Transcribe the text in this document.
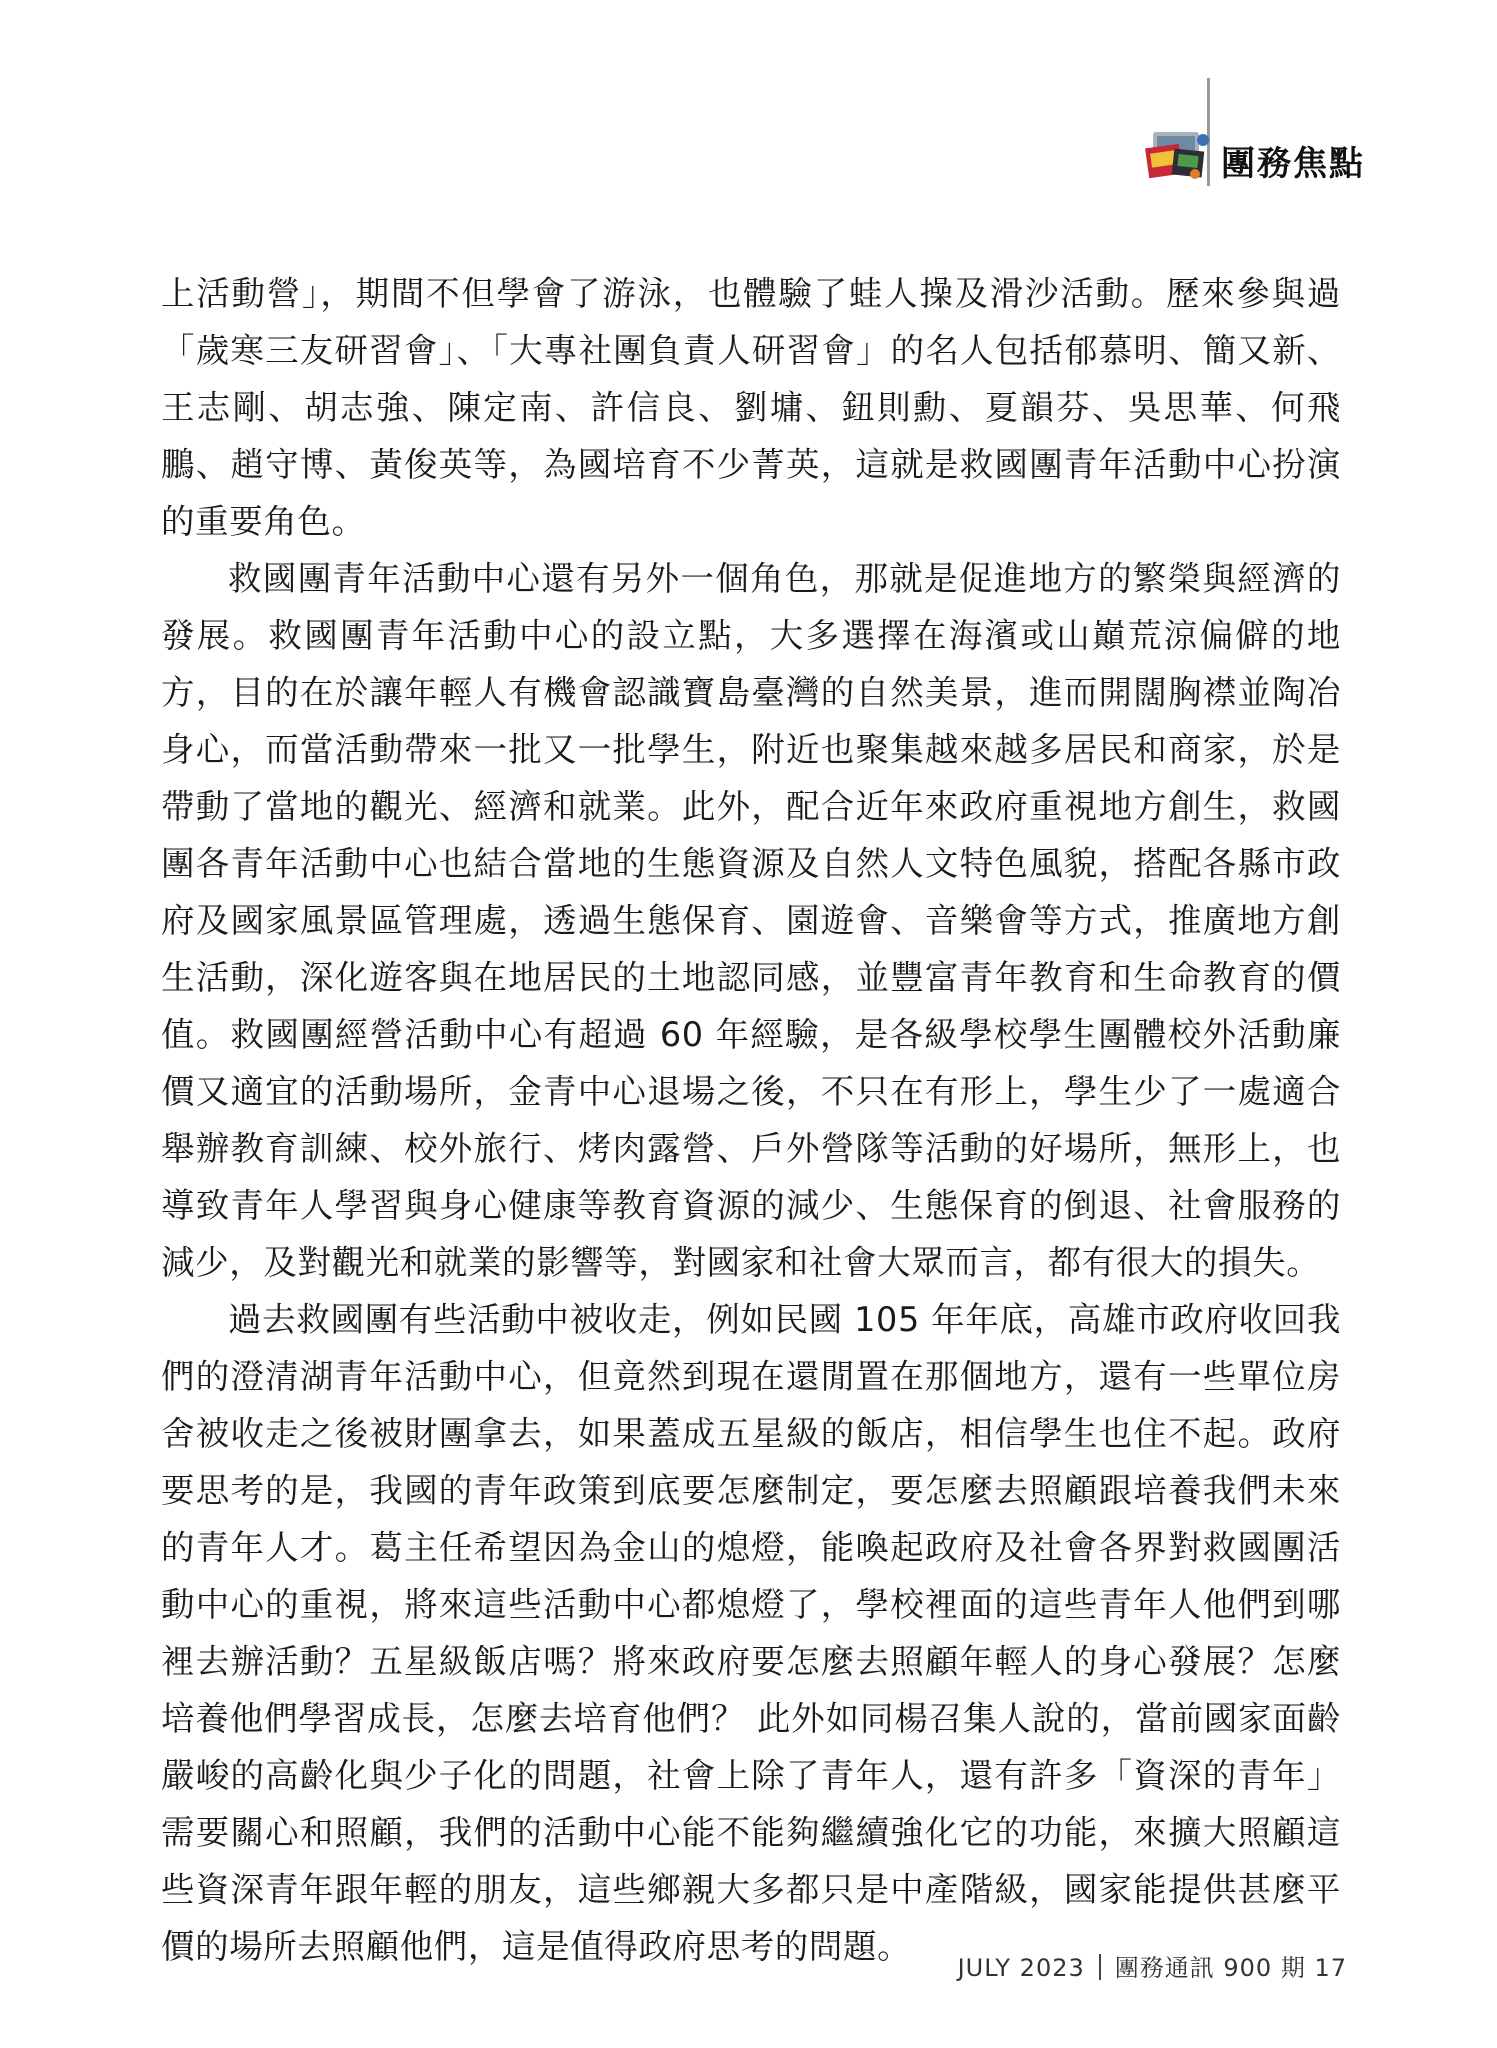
團務焦點

上活動營」，期間不但學會了游泳，也體驗了蛙人操及滑沙活動。歷來參與過「歲寒三友研習會」、「大專社團負責人研習會」的名人包括郁慕明、簡又新、王志剛、胡志強、陳定南、許信良、劉墉、鈕則勳、夏韻芬、吳思華、何飛鵬、趙守博、黃俊英等，為國培育不少菁英，這就是救國團青年活動中心扮演的重要角色。

救國團青年活動中心還有另外一個角色，那就是促進地方的繁榮與經濟的發展。救國團青年活動中心的設立點，大多選擇在海濱或山巔荒涼偏僻的地方，目的在於讓年輕人有機會認識寶島臺灣的自然美景，進而開闊胸襟並陶冶身心，而當活動帶來一批又一批學生，附近也聚集越來越多居民和商家，於是帶動了當地的觀光、經濟和就業。此外，配合近年來政府重視地方創生，救國團各青年活動中心也結合當地的生態資源及自然人文特色風貌，搭配各縣市政府及國家風景區管理處，透過生態保育、園遊會、音樂會等方式，推廣地方創生活動，深化遊客與在地居民的土地認同感，並豐富青年教育和生命教育的價值。救國團經營活動中心有超過 60 年經驗，是各級學校學生團體校外活動廉價又適宜的活動場所，金青中心退場之後，不只在有形上，學生少了一處適合舉辦教育訓練、校外旅行、烤肉露營、戶外營隊等活動的好場所，無形上，也導致青年人學習與身心健康等教育資源的減少、生態保育的倒退、社會服務的減少，及對觀光和就業的影響等，對國家和社會大眾而言，都有很大的損失。

過去救國團有些活動中被收走，例如民國 105 年年底，高雄市政府收回我們的澄清湖青年活動中心，但竟然到現在還閒置在那個地方，還有一些單位房舍被收走之後被財團拿去，如果蓋成五星級的飯店，相信學生也住不起。政府要思考的是，我國的青年政策到底要怎麼制定，要怎麼去照顧跟培養我們未來的青年人才。葛主任希望因為金山的熄燈，能喚起政府及社會各界對救國團活動中心的重視，將來這些活動中心都熄燈了，學校裡面的這些青年人他們到哪裡去辦活動？五星級飯店嗎？將來政府要怎麼去照顧年輕人的身心發展？怎麼培養他們學習成長，怎麼去培育他們？ 此外如同楊召集人說的，當前國家面齡嚴峻的高齡化與少子化的問題，社會上除了青年人，還有許多「資深的青年」需要關心和照顧，我們的活動中心能不能夠繼續強化它的功能，來擴大照顧這些資深青年跟年輕的朋友，這些鄉親大多都只是中產階級，國家能提供甚麼平價的場所去照顧他們，這是值得政府思考的問題。

JULY 2023 團務通訊 900 期 17
